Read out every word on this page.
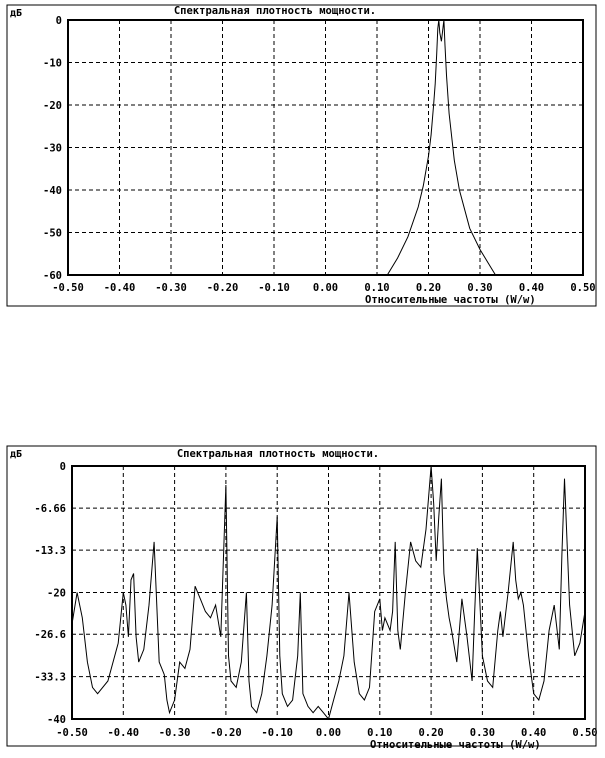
Спектральная плотность мощности.
дБ
0
-10
-20
-30
-40
-50
-60
-0.50 -0.40 -0.30 -0.20 -0.10 0.00 0.10 0.20 0.30 0.40 0.50
Относительные частоты (W/w)
Спектральная плотность мощности.
дБ
0
-6.66
-13.3
-20
-26.6
-33.3
-40
-0.50 -0.40 -0.30 -0.20 -0.10 0.00 0.10 0.20 0.30 0.40 0.50
Относительные частоты (W/w)
